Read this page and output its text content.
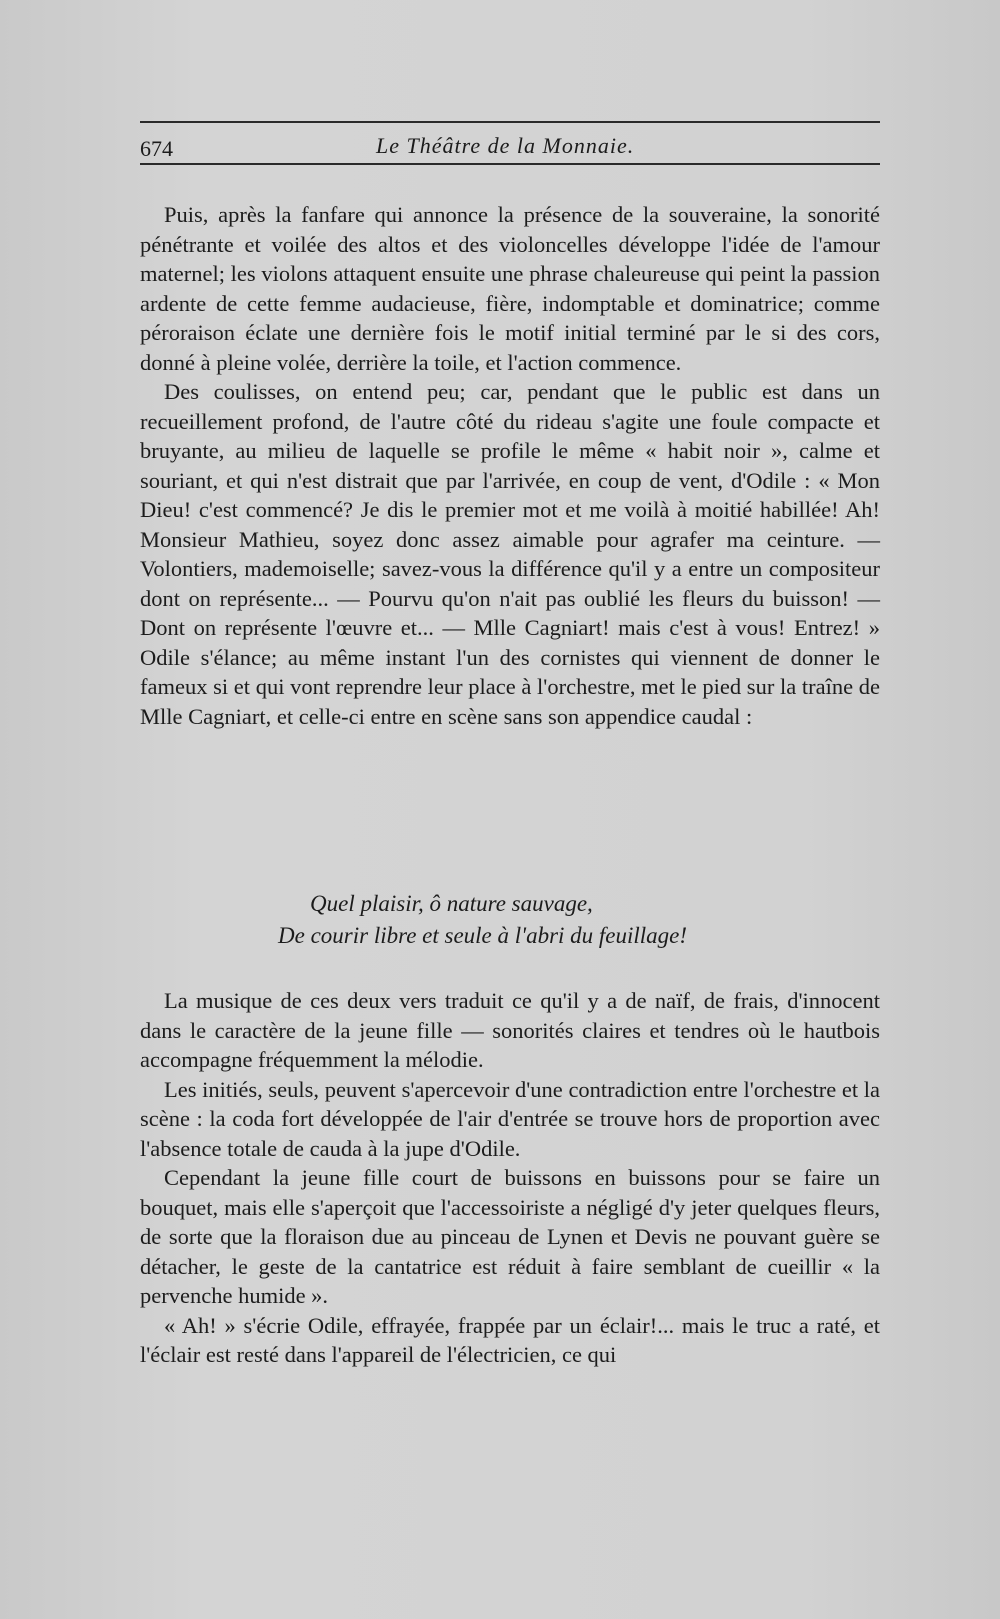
674	Le Théâtre de la Monnaie.

Puis, après la fanfare qui annonce la présence de la souveraine, la sonorité pénétrante et voilée des altos et des violoncelles développe l'idée de l'amour maternel; les violons attaquent ensuite une phrase chaleureuse qui peint la passion ardente de cette femme audacieuse, fière, indomptable et dominatrice; comme péroraison éclate une dernière fois le motif initial terminé par le si des cors, donné à pleine volée, derrière la toile, et l'action commence.

Des coulisses, on entend peu; car, pendant que le public est dans un recueillement profond, de l'autre côté du rideau s'agite une foule compacte et bruyante, au milieu de laquelle se profile le même « habit noir », calme et souriant, et qui n'est distrait que par l'arrivée, en coup de vent, d'Odile : « Mon Dieu! c'est commencé? Je dis le premier mot et me voilà à moitié habillée! Ah! Monsieur Mathieu, soyez donc assez aimable pour agrafer ma ceinture. — Volontiers, mademoiselle; savez-vous la différence qu'il y a entre un compositeur dont on représente... — Pourvu qu'on n'ait pas oublié les fleurs du buisson! — Dont on représente l'œuvre et... — Mlle Cagniart! mais c'est à vous! Entrez! » Odile s'élance; au même instant l'un des cornistes qui viennent de donner le fameux si et qui vont reprendre leur place à l'orchestre, met le pied sur la traîne de Mlle Cagniart, et celle-ci entre en scène sans son appendice caudal :

Quel plaisir, ô nature sauvage,
De courir libre et seule à l'abri du feuillage!

La musique de ces deux vers traduit ce qu'il y a de naïf, de frais, d'innocent dans le caractère de la jeune fille — sonorités claires et tendres où le hautbois accompagne fréquemment la mélodie.

Les initiés, seuls, peuvent s'apercevoir d'une contradiction entre l'orchestre et la scène : la coda fort développée de l'air d'entrée se trouve hors de proportion avec l'absence totale de cauda à la jupe d'Odile.

Cependant la jeune fille court de buissons en buissons pour se faire un bouquet, mais elle s'aperçoit que l'accessoiriste a négligé d'y jeter quelques fleurs, de sorte que la floraison due au pinceau de Lynen et Devis ne pouvant guère se détacher, le geste de la cantatrice est réduit à faire semblant de cueillir « la pervenche humide ».

« Ah! » s'écrie Odile, effrayée, frappée par un éclair!... mais le truc a raté, et l'éclair est resté dans l'appareil de l'électricien, ce qui
